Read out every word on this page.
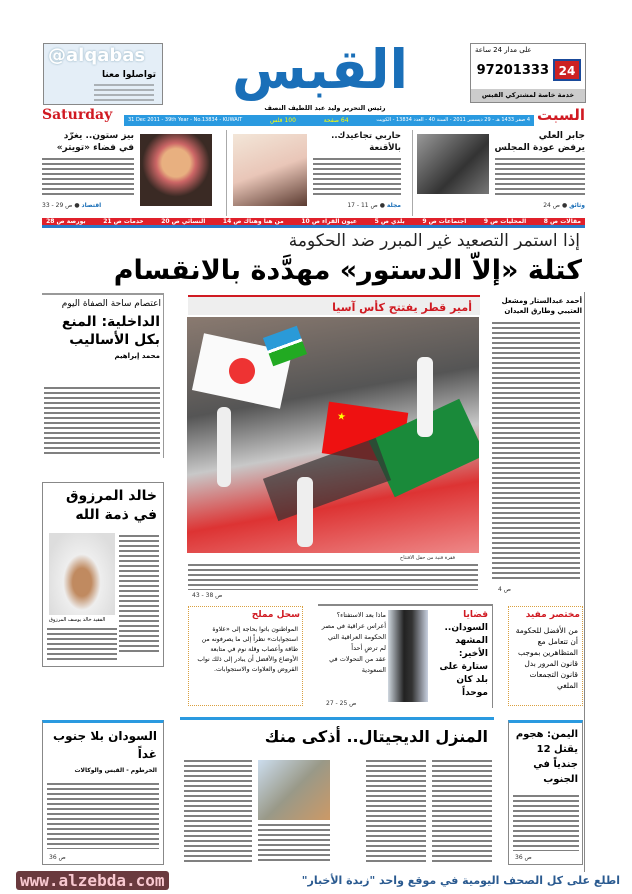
@alqabas
تواصلوا معنا	القبس
رئيس التحرير وليد عبد اللطيف النصف
على مدار 24 ساعة
24
97201333
خدمة خاصة لمشتركي القبس
السبت
Saturday	4 صفر 1433 هـ - 29 ديسمبر 2011 - السنة 40 - العدد 13834 - الكويت
64 صفحة
100 فلس
31 Dec 2011 - 39th Year - No.13834 - KUWAIT
جابر العلي
يرفض عودة المجلس
وثائق ● ص 24
حاربي تجاعيدك..
بالأقنعة
مجلة ● ص 11 - 17
بيز ستون.. يغرّد
في فضاء «تويتر»
اقتصاد ● ص 29 - 33
مقالات ص 8
المحليات ص 9
اجتماعات ص 9
بلدي ص 5
عيون القراء ص 10
من هنا وهناك ص 14
النسائي ص 20
خدمات ص 21
بورصة ص 28
إذا استمر التصعيد غير المبرر ضد الحكومة
كتلة «إلاّ الدستور» مهدَّدة بالانقسام
أحمد عبدالستار ومشعل العتيبي وطارق العيدان
ص 4
أمير قطر يفتتح كأس آسيا
★
فقرة فنية من حفل الافتتاح
ص 38 - 43
اعتصام ساحة الصفاة اليوم
الداخلية: المنع بكل الأساليب
محمد إبراهيم
خالد المرزوق في ذمة الله
الفقيد خالد يوسف المرزوق	مختصر مفيد
من الأفضل للحكومة أن تتعامل مع المتظاهرين بموجب قانون المرور بدل قانون التجمعات الملغي
قضايا
السودان.. المشهد الأخير: ستارة على بلد كان موحداً
ماذا بعد الاستفتاء؟
أعراس عراقية في مصر
الحكومة العراقية التي لم ترضِ أحداً
عقد من التحولات في السعودية
ص 25 - 27
سحل مملح
المواطنون باتوا بحاجة إلى «علاوة استجوابات» نظراً إلى ما يصرفونه من طاقة وأعصاب وقلة نوم في متابعة الأوضاع والأفضل أن يبادر إلى ذلك نواب القروض والعلاوات والاستجوابات.
اليمن: هجوم يقتل 12 جندياً في الجنوب
ص 36
المنزل الديجيتال.. أذكى منك
السودان بلا جنوب غداً
الخرطوم - القبس والوكالات
ص 36
اطلع على كل الصحف اليومية في موقع واحد "زبدة الأخبار"
www.alzebda.com
